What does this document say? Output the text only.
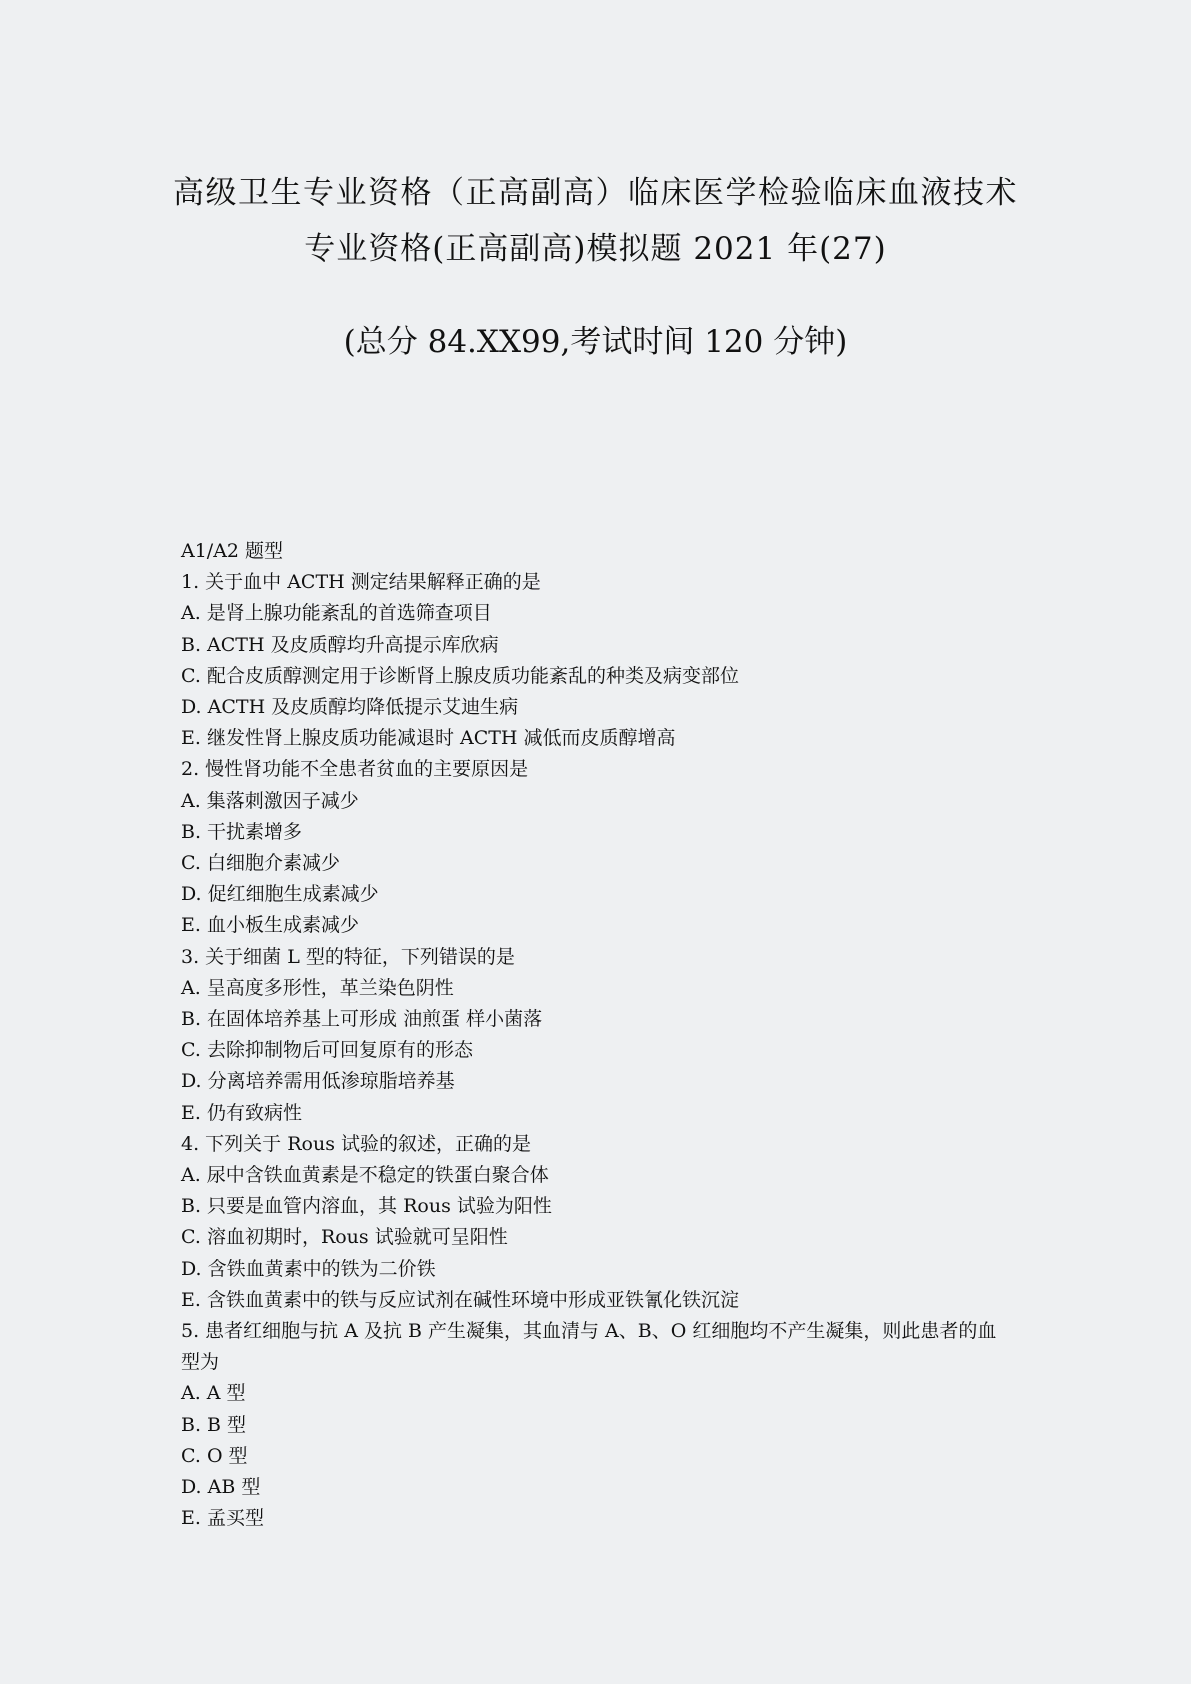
高级卫生专业资格（正高副高）临床医学检验临床血液技术
专业资格(正高副高)模拟题 2021 年(27)
(总分 84.XX99,考试时间 120 分钟)
A1/A2 题型
1. 关于血中 ACTH 测定结果解释正确的是
A. 是肾上腺功能紊乱的首选筛查项目
B. ACTH 及皮质醇均升高提示库欣病
C. 配合皮质醇测定用于诊断肾上腺皮质功能紊乱的种类及病变部位
D. ACTH 及皮质醇均降低提示艾迪生病
E. 继发性肾上腺皮质功能减退时 ACTH 减低而皮质醇增高
2. 慢性肾功能不全患者贫血的主要原因是
A. 集落刺激因子减少
B. 干扰素增多
C. 白细胞介素减少
D. 促红细胞生成素减少
E. 血小板生成素减少
3. 关于细菌 L 型的特征，下列错误的是
A. 呈高度多形性，革兰染色阴性
B. 在固体培养基上可形成 油煎蛋 样小菌落
C. 去除抑制物后可回复原有的形态
D. 分离培养需用低渗琼脂培养基
E. 仍有致病性
4. 下列关于 Rous 试验的叙述，正确的是
A. 尿中含铁血黄素是不稳定的铁蛋白聚合体
B. 只要是血管内溶血，其 Rous 试验为阳性
C. 溶血初期时，Rous 试验就可呈阳性
D. 含铁血黄素中的铁为二价铁
E. 含铁血黄素中的铁与反应试剂在碱性环境中形成亚铁氰化铁沉淀
5. 患者红细胞与抗 A 及抗 B 产生凝集，其血清与 A、B、O 红细胞均不产生凝集，则此患者的血型为
A. A 型
B. B 型
C. O 型
D. AB 型
E. 孟买型
